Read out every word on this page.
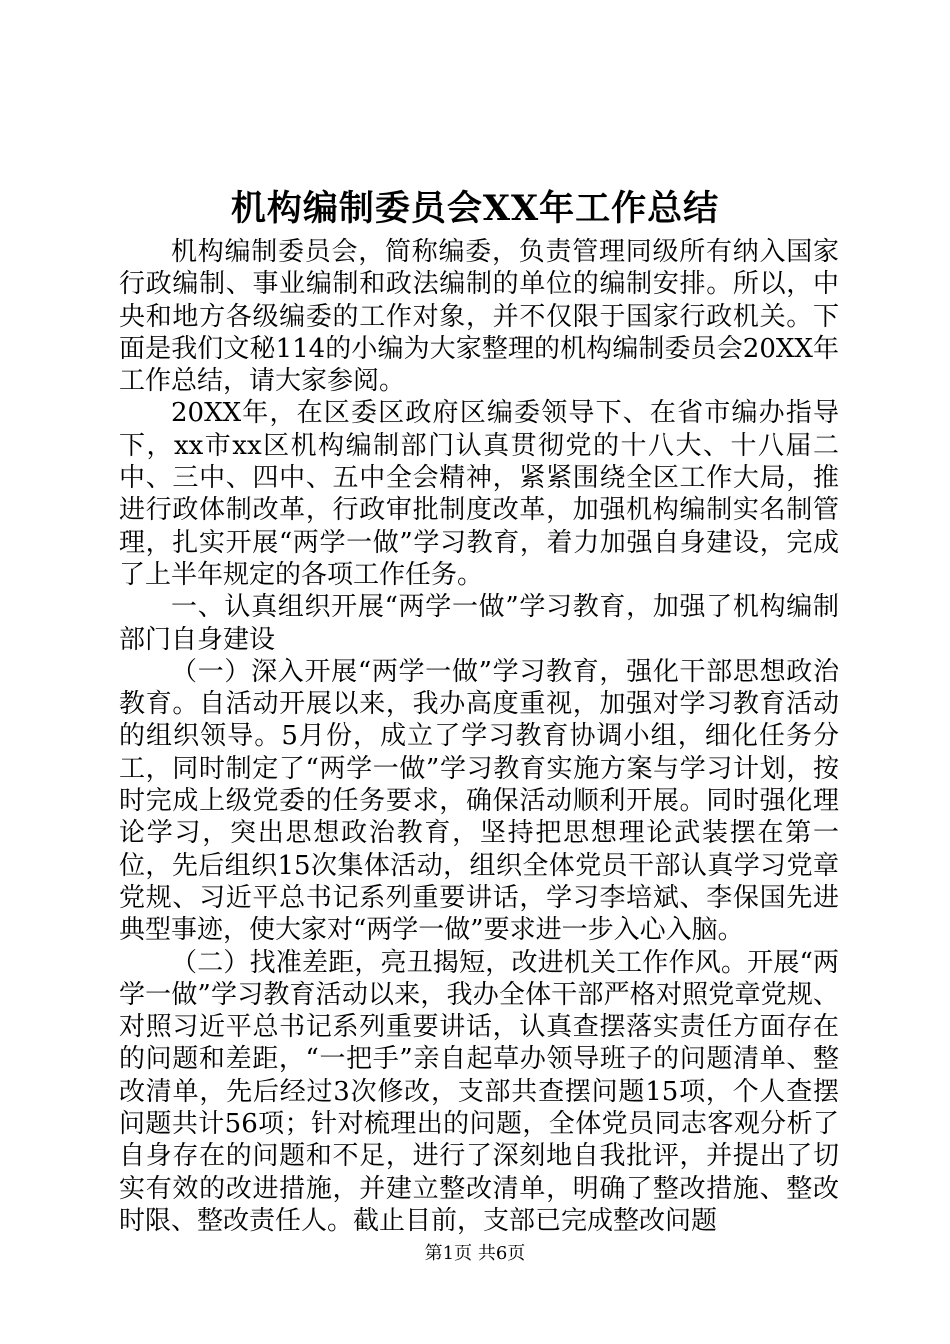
机构编制委员会XX年工作总结

机构编制委员会，简称编委，负责管理同级所有纳入国家行政编制、事业编制和政法编制的单位的编制安排。所以，中央和地方各级编委的工作对象，并不仅限于国家行政机关。下面是我们文秘114的小编为大家整理的机构编制委员会20XX年工作总结，请大家参阅。

20XX年，在区委区政府区编委领导下、在省市编办指导下，xx市xx区机构编制部门认真贯彻党的十八大、十八届二中、三中、四中、五中全会精神，紧紧围绕全区工作大局，推进行政体制改革，行政审批制度改革，加强机构编制实名制管理，扎实开展“两学一做”学习教育，着力加强自身建设，完成了上半年规定的各项工作任务。

一、认真组织开展“两学一做”学习教育，加强了机构编制部门自身建设

（一）深入开展“两学一做”学习教育，强化干部思想政治教育。自活动开展以来，我办高度重视，加强对学习教育活动的组织领导。5月份，成立了学习教育协调小组，细化任务分工，同时制定了“两学一做”学习教育实施方案与学习计划，按时完成上级党委的任务要求，确保活动顺利开展。同时强化理论学习，突出思想政治教育，坚持把思想理论武装摆在第一位，先后组织15次集体活动，组织全体党员干部认真学习党章党规、习近平总书记系列重要讲话，学习李培斌、李保国先进典型事迹，使大家对“两学一做”要求进一步入心入脑。

（二）找准差距，亮丑揭短，改进机关工作作风。开展“两学一做”学习教育活动以来，我办全体干部严格对照党章党规、对照习近平总书记系列重要讲话，认真查摆落实责任方面存在的问题和差距，“一把手”亲自起草办领导班子的问题清单、整改清单，先后经过3次修改，支部共查摆问题15项，个人查摆问题共计56项；针对梳理出的问题，全体党员同志客观分析了自身存在的问题和不足，进行了深刻地自我批评，并提出了切实有效的改进措施，并建立整改清单，明确了整改措施、整改时限、整改责任人。截止目前，支部已完成整改问题

第1页 共6页
